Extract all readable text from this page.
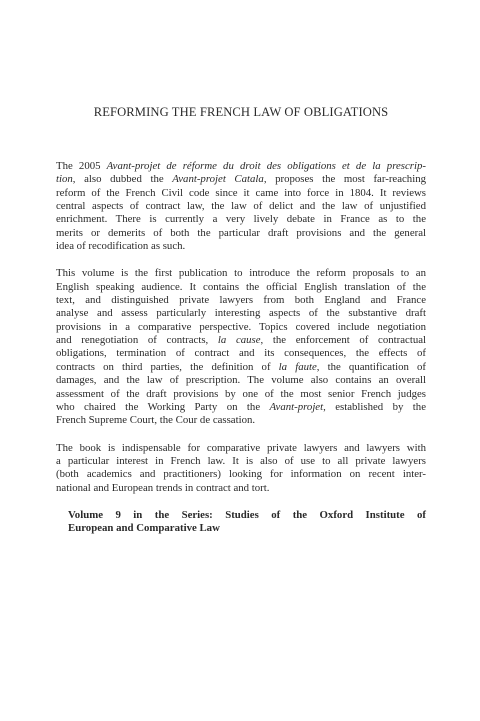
REFORMING THE FRENCH LAW OF OBLIGATIONS

The 2005 Avant-projet de réforme du droit des obligations et de la prescrip-
tion, also dubbed the Avant-projet Catala, proposes the most far-reaching
reform of the French Civil code since it came into force in 1804. It reviews
central aspects of contract law, the law of delict and the law of unjustified
enrichment. There is currently a very lively debate in France as to the
merits or demerits of both the particular draft provisions and the general
idea of recodification as such.

This volume is the first publication to introduce the reform proposals to an
English speaking audience. It contains the official English translation of the
text, and distinguished private lawyers from both England and France
analyse and assess particularly interesting aspects of the substantive draft
provisions in a comparative perspective. Topics covered include negotiation
and renegotiation of contracts, la cause, the enforcement of contractual
obligations, termination of contract and its consequences, the effects of
contracts on third parties, the definition of la faute, the quantification of
damages, and the law of prescription. The volume also contains an overall
assessment of the draft provisions by one of the most senior French judges
who chaired the Working Party on the Avant-projet, established by the
French Supreme Court, the Cour de cassation.

The book is indispensable for comparative private lawyers and lawyers with
a particular interest in French law. It is also of use to all private lawyers
(both academics and practitioners) looking for information on recent inter-
national and European trends in contract and tort.

Volume 9 in the Series: Studies of the Oxford Institute of
European and Comparative Law
